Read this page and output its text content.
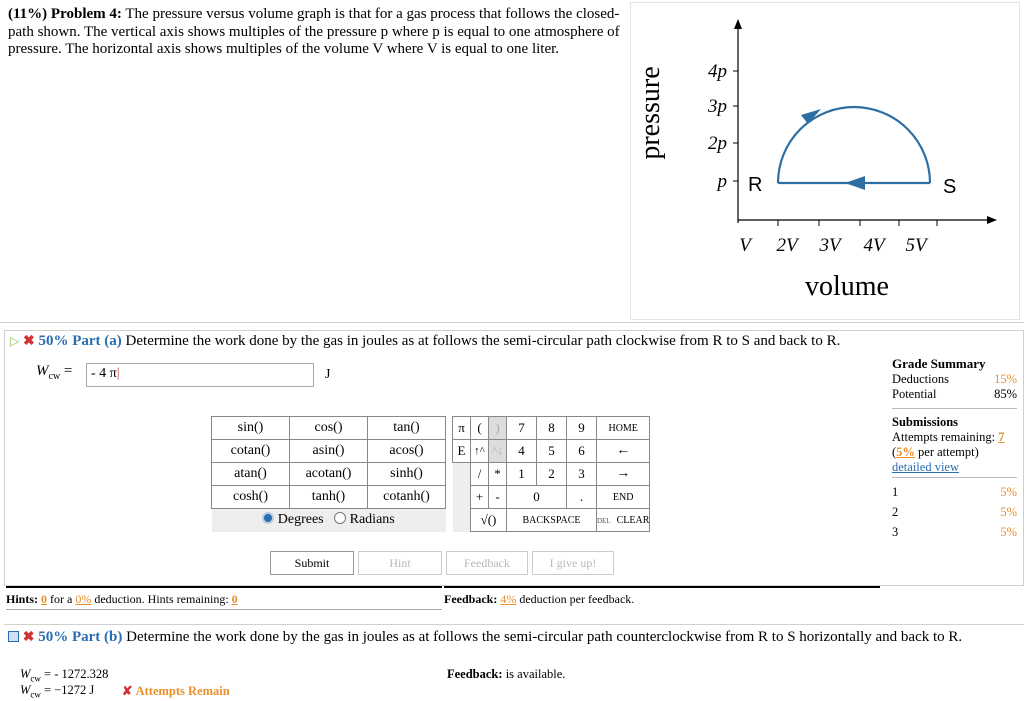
(11%) Problem 4: The pressure versus volume graph is that for a gas process that follows the closed-path shown. The vertical axis shows multiples of the pressure p where p is equal to one atmosphere of pressure. The horizontal axis shows multiples of the volume V where V is equal to one liter.
pressure
volume
4p
3p
2p
p
V 2V 3V 4V 5V
R	S
▷ ✖ 50% Part (a) Determine the work done by the gas in joules as at follows the semi-circular path clockwise from R to S and back to R.
$W_{cw}$ =	- 4 π|	J
Grade Summary
Deductions	15%
Potential	85%
Submissions
Attempts remaining: 7
(5% per attempt)
detailed view
1	5%
2	5%
3	5%
sin()	cos()	tan()
cotan()	asin()	acos()
atan()	acotan()	sinh()
cosh()	tanh()	cotanh()
Degrees Radians		
π	(	)	7	8	9	HOME
E	↑^	^↓	4	5	6	←
	/	*	1	2	3	→
	+	-	0		.	END
	√()		BACKSPACE			DEL CLEAR
Submit	Hint	Feedback	I give up!
Hints: 0 for a 0% deduction. Hints remaining: 0	Feedback: 4% deduction per feedback.
✖ 50% Part (b) Determine the work done by the gas in joules as at follows the semi-circular path counterclockwise from R to S horizontally and back to R.
$W_{cw}$ = - 1272.328
$W_{cw} = -1272$ J ✘ Attempts Remain
Feedback: is available.
